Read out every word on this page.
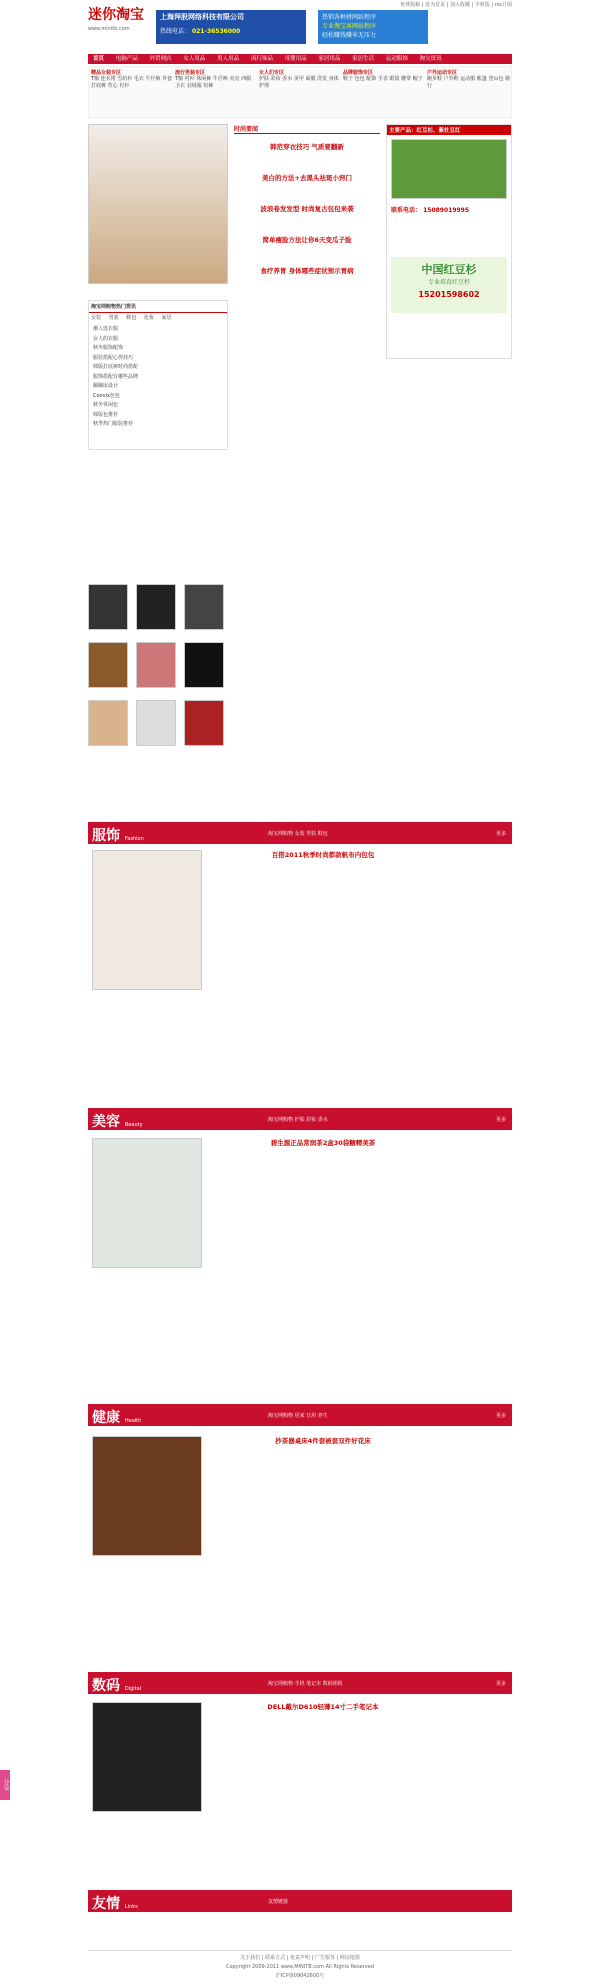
迷你淘宝
www.minitb.com
上海拜股网络科技有限公司
热线电话： 021-36536000
免费投稿 | 设为首页 | 加入收藏 | 手机版 | rss订阅
热销各种拼网站程序
专业淘宝客网站程序
轻松赚钱赚米无压力
首页 电脑产品 外贸网店 女人用品 男人用品 流行饰品 母婴用品 家居用品 家居生活 运动服饰 淘宝资讯
精品女装专区
T恤 连衣裙 雪纺衫 毛衣 牛仔裤 外套 打底裤 背心 衬衫
流行男装专区
T恤 衬衫 休闲裤 牛仔裤 夹克 西服 卫衣 羽绒服 短裤
女人们专区
护肤 彩妆 香水 美甲 面膜 洗发 身体护理
品牌服饰专区
鞋子 包包 配饰 手表 眼镜 腰带 帽子
户外运动专区
跑步鞋 户外鞋 运动服 帐篷 登山包 骑行
时尚要闻
韩范穿衣技巧 气质要翻新
美白的方法+去黑头祛斑小窍门
波浪卷发发型 时尚复古包包来袭
简单瘦脸方法让你6天变瓜子脸
食疗养胃 身体哪些症状预示胃病
主要产品：红豆杉、紫杜豆红
联系电话： 15089019995
中国红豆杉
专业培育红豆杉
15201598602
淘宝网购物热门资讯
女装 男装 鞋包 化妆 家居
潮人选衣服
女人的衣服
秋冬服饰配饰
服装搭配心得技巧
韩版打底裤时尚搭配
服饰搭配有哪些品牌
蹦蹦床设计
Coovix包包
秋冬休闲包
韩版包推荐
秋季热门服装推荐
服饰 Fashion
淘宝网购物 女装 男装 鞋包	更多
百搭2011秋季时尚都款帆布内包包
美容 Beauty
淘宝网购物 护肤 彩妆 香水	更多
碧生源正品常润茶2盒30袋糖精美茶
健康 Health
淘宝网购物 居家 日用 养生	更多
抄茶器桌床4件套被套双件好花床
数码 Digital
淘宝网购物 手机 笔记本 数码相机	更多
DELL戴尔D610轻薄14寸二手笔记本
友情 Links
友情链接
关于我们 | 联系方式 | 免责声明 | 广告服务 | 网站地图
Copyright 2009-2011 www.MINITB.com All Rights Reserved
沪ICP备09042600号
分享
